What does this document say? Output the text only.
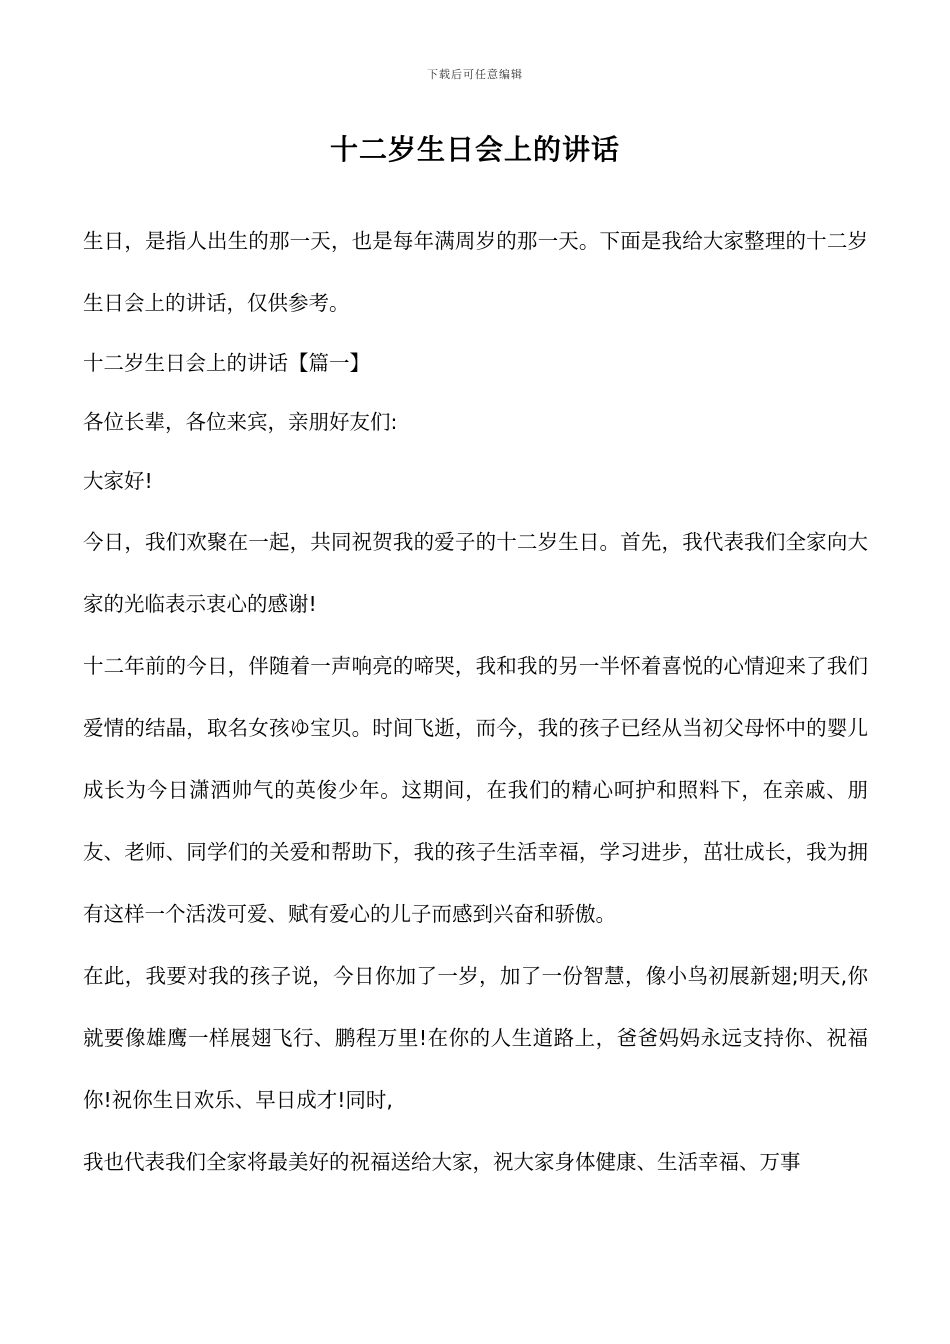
下载后可任意编辑
十二岁生日会上的讲话

生日，是指人出生的那一天，也是每年满周岁的那一天。下面是我给大家整理的十二岁生日会上的讲话，仅供参考。

十二岁生日会上的讲话【篇一】

各位长辈，各位来宾，亲朋好友们:

大家好!

今日，我们欢聚在一起，共同祝贺我的爱子的十二岁生日。首先，我代表我们全家向大家的光临表示衷心的感谢!

十二年前的今日，伴随着一声响亮的啼哭，我和我的另一半怀着喜悦的心情迎来了我们爱情的结晶，取名女孩ゆ宝贝。时间飞逝，而今，我的孩子已经从当初父母怀中的婴儿成长为今日潇洒帅气的英俊少年。这期间，在我们的精心呵护和照料下，在亲戚、朋友、老师、同学们的关爱和帮助下，我的孩子生活幸福，学习进步，茁壮成长，我为拥有这样一个活泼可爱、赋有爱心的儿子而感到兴奋和骄傲。

在此，我要对我的孩子说，今日你加了一岁，加了一份智慧，像小鸟初展新翅;明天,你就要像雄鹰一样展翅飞行、鹏程万里!在你的人生道路上，爸爸妈妈永远支持你、祝福你!祝你生日欢乐、早日成才!同时,

我也代表我们全家将最美好的祝福送给大家，祝大家身体健康、生活幸福、万事
